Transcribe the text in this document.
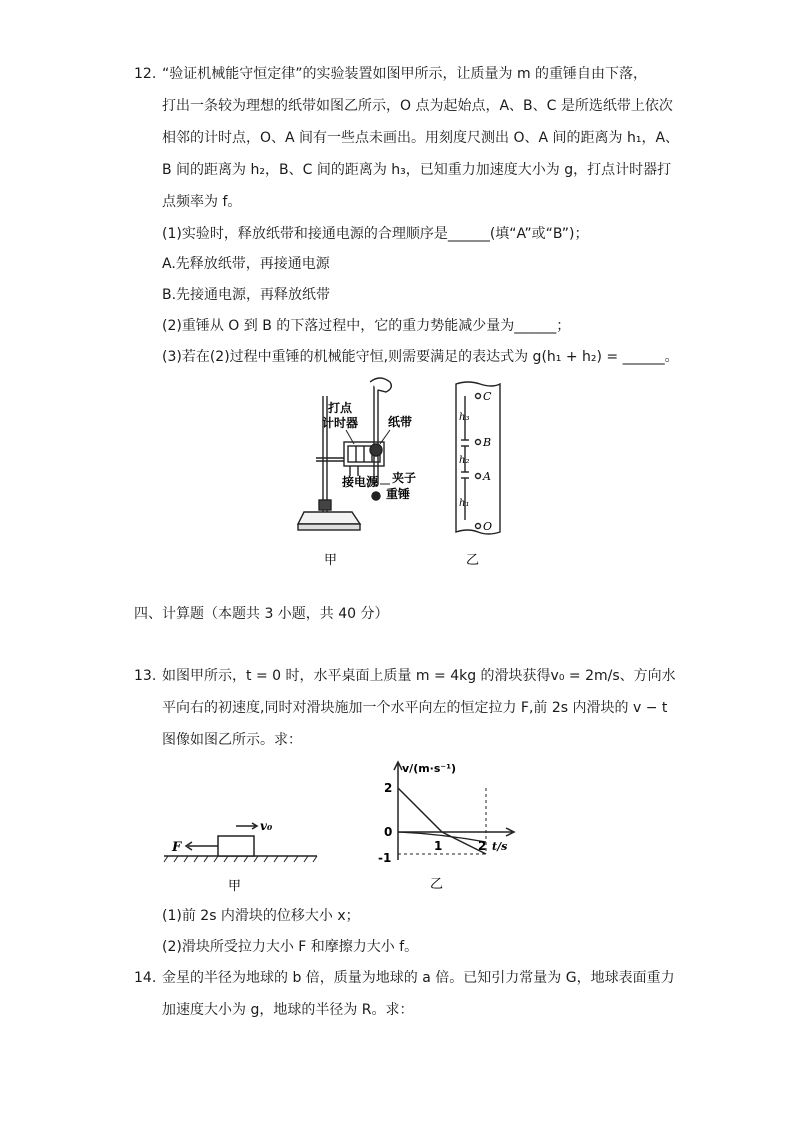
12. “验证机械能守恒定律”的实验装置如图甲所示，让质量为 m 的重锤自由下落，
打出一条较为理想的纸带如图乙所示，O 点为起始点，A、B、C 是所选纸带上依次
相邻的计时点，O、A 间有一些点未画出。用刻度尺测出 O、A 间的距离为 h₁，A、
B 间的距离为 h₂，B、C 间的距离为 h₃，已知重力加速度大小为 g，打点计时器打
点频率为 f。
(1)实验时，释放纸带和接通电源的合理顺序是______(填“A”或“B”)；
A.先释放纸带，再接通电源
B.先接通电源，再释放纸带
(2)重锤从 O 到 B 的下落过程中，它的重力势能减少量为______；
(3)若在(2)过程中重锤的机械能守恒,则需要满足的表达式为 g(h₁ + h₂) = ______。
打点
计时器 纸带
接电源 夹子
重锤
甲
C
B
A
O
h₃
h₂
h₁
乙
四、计算题（本题共 3 小题，共 40 分）
13. 如图甲所示，t = 0 时，水平桌面上质量 m = 4kg 的滑块获得v₀ = 2m/s、方向水
平向右的初速度,同时对滑块施加一个水平向左的恒定拉力 F,前 2s 内滑块的 v − t
图像如图乙所示。求：
F
v₀
甲
v/(m·s⁻¹)
t/s
2
0
-1
1	2
乙
(1)前 2s 内滑块的位移大小 x；
(2)滑块所受拉力大小 F 和摩擦力大小 f。
14. 金星的半径为地球的 b 倍，质量为地球的 a 倍。已知引力常量为 G，地球表面重力
加速度大小为 g，地球的半径为 R。求：
